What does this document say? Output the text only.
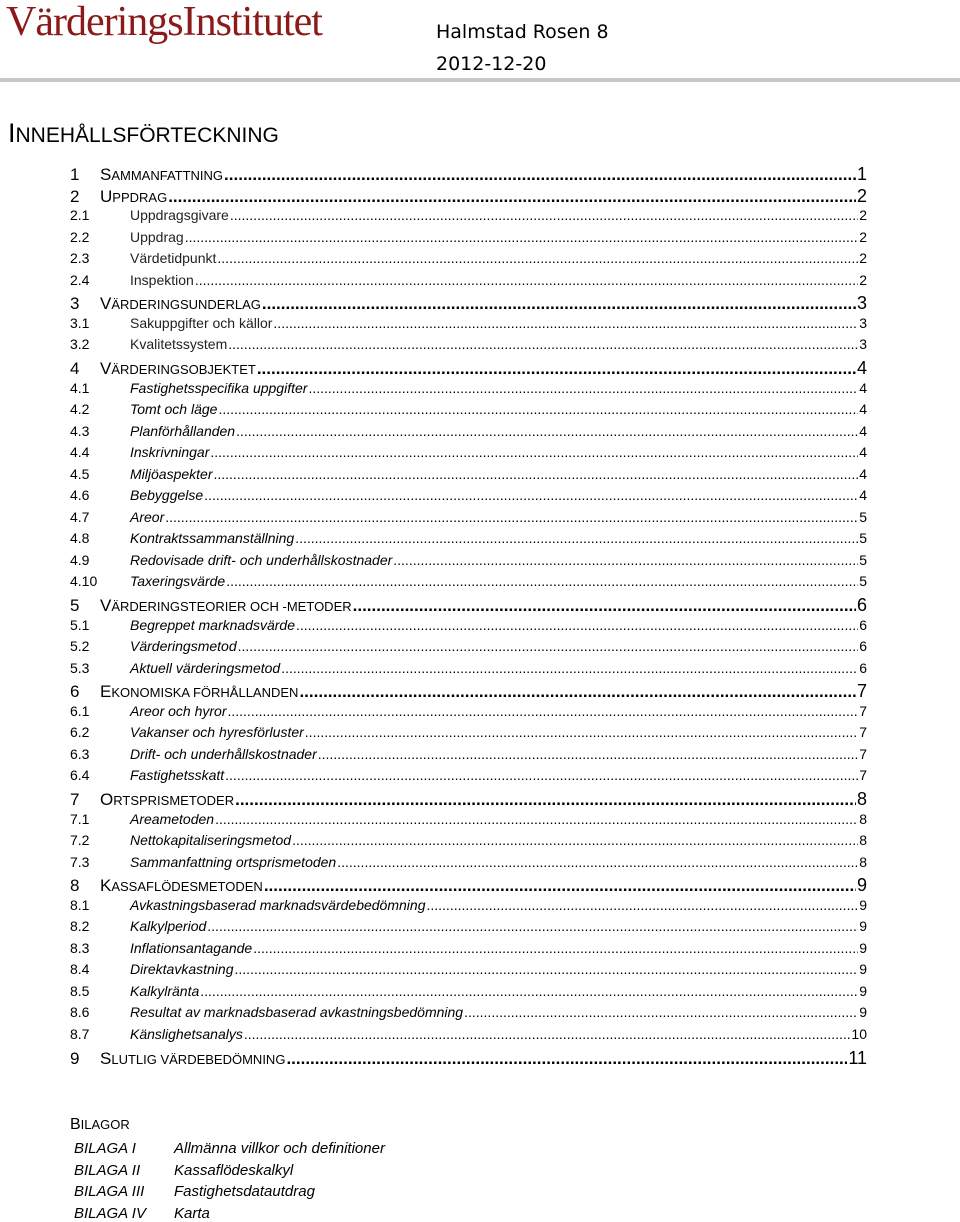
VärderingsInstitutet	Halmstad Rosen 8
2012-12-20
INNEHÅLLSFÖRTECKNING
1	SAMMANFATTNING .....	1
2	UPPDRAG .....	2
2.1	Uppdragsgivare .....	2
2.2	Uppdrag .....	2
2.3	Värdetidpunkt .....	2
2.4	Inspektion .....	2
3	VÄRDERINGSUNDERLAG .....	3
3.1	Sakuppgifter och källor .....	3
3.2	Kvalitetssystem .....	3
4	VÄRDERINGSOBJEKTET .....	4
4.1	Fastighetsspecifika uppgifter .....	4
4.2	Tomt och läge .....	4
4.3	Planförhållanden .....	4
4.4	Inskrivningar .....	4
4.5	Miljöaspekter .....	4
4.6	Bebyggelse .....	4
4.7	Areor .....	5
4.8	Kontraktssammanställning .....	5
4.9	Redovisade drift- och underhållskostnader .....	5
4.10	Taxeringsvärde .....	5
5	VÄRDERINGSTEORIER OCH -METODER .....	6
5.1	Begreppet marknadsvärde .....	6
5.2	Värderingsmetod .....	6
5.3	Aktuell värderingsmetod .....	6
6	EKONOMISKA FÖRHÅLLANDEN .....	7
6.1	Areor och hyror .....	7
6.2	Vakanser och hyresförluster .....	7
6.3	Drift- och underhållskostnader .....	7
6.4	Fastighetsskatt .....	7
7	ORTSPRISMETODER .....	8
7.1	Areametoden .....	8
7.2	Nettokapitaliseringsmetod .....	8
7.3	Sammanfattning ortsprismetoden .....	8
8	KASSAFLÖDESMETODEN .....	9
8.1	Avkastningsbaserad marknadsvärdebedömning .....	9
8.2	Kalkylperiod .....	9
8.3	Inflationsantagande .....	9
8.4	Direktavkastning .....	9
8.5	Kalkylränta .....	9
8.6	Resultat av marknadsbaserad avkastningsbedömning .....	9
8.7	Känslighetsanalys .....	10
9	SLUTLIG VÄRDEBEDÖMNING .....	11
BILAGOR
BILAGA I	Allmänna villkor och definitioner
BILAGA II Kassaflödeskalkyl
BILAGA III Fastighetsdatautdrag
BILAGA IV Karta
